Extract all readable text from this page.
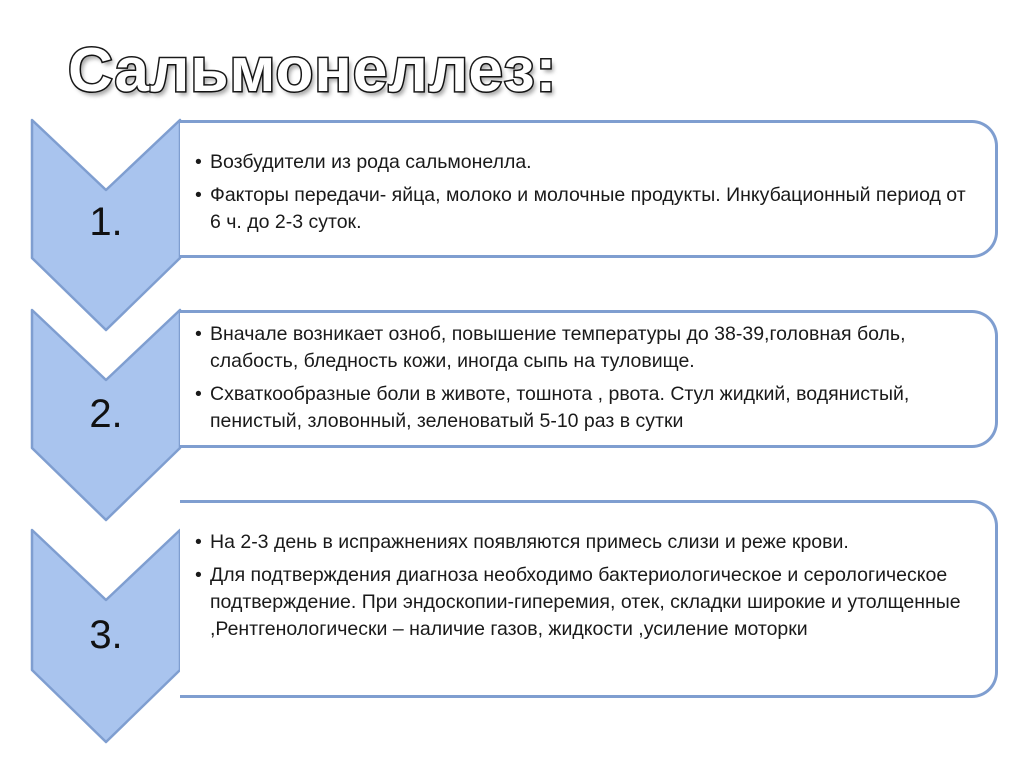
Сальмонеллез:
1.
2.
3.
• Возбудители из рода сальмонелла.
• Факторы передачи- яйца, молоко и молочные продукты. Инкубационный период от 6 ч. до 2-3 суток.
• Вначале возникает озноб, повышение температуры до 38-39,головная боль, слабость, бледность кожи, иногда сыпь на туловище.
• Схваткообразные боли в животе, тошнота , рвота. Стул жидкий, водянистый, пенистый, зловонный, зеленоватый 5-10 раз в сутки
• На 2-3 день в испражнениях появляются примесь слизи и реже крови.
• Для подтверждения диагноза необходимо бактериологическое и серологическое подтверждение. При эндоскопии-гиперемия, отек, складки широкие и утолщенные ,Рентгенологически – наличие газов, жидкости ,усиление моторки
